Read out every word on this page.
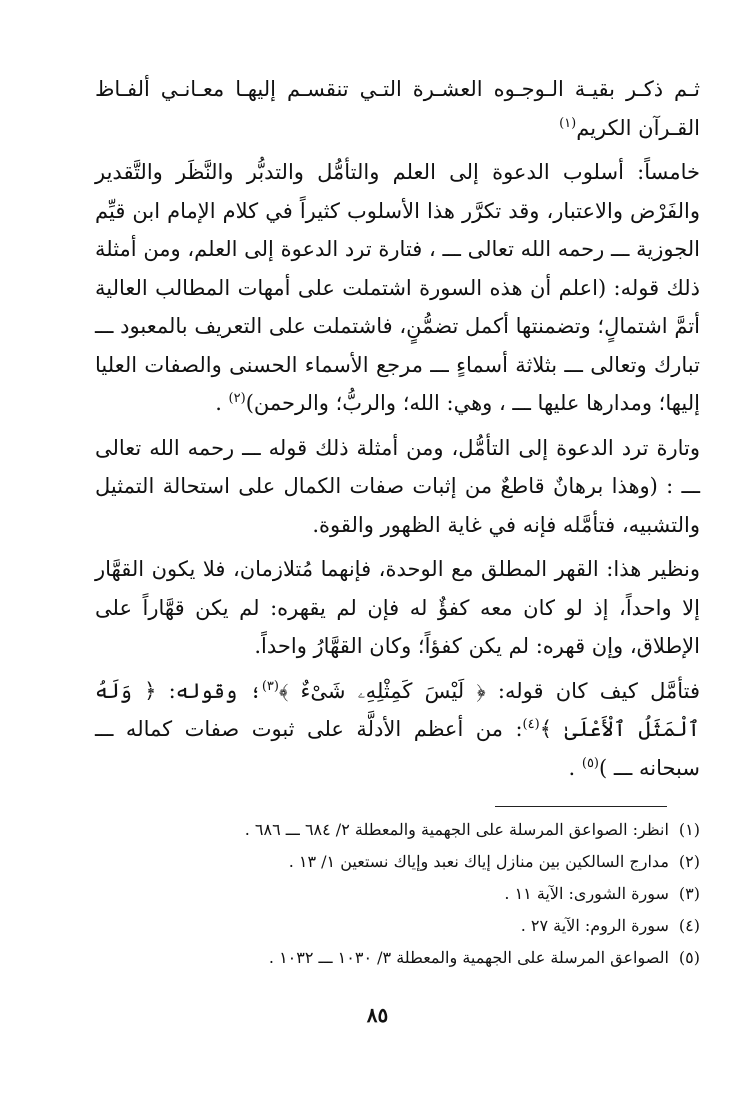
ثـم ذكـر بقيـة الـوجـوه العشـرة التـي تنقسـم إليهـا معـانـي ألفـاظ القـرآن الكريم$^{(١)}$

خامساً: أسلوب الدعوة إلى العلم والتأمُّل والتدبُّر والنَّظَر والتَّقدير والفَرْض والاعتبار، وقد تكرَّر هذا الأسلوب كثيراً في كلام الإمام ابن قيِّم الجوزية ـــ رحمه الله تعالى ـــ ، فتارة ترد الدعوة إلى العلم، ومن أمثلة ذلك قوله: (اعلم أن هذه السورة اشتملت على أمهات المطالب العالية أتمَّ اشتمالٍ؛ وتضمنتها أكمل تضمُّنٍ، فاشتملت على التعريف بالمعبود ـــ تبارك وتعالى ـــ بثلاثة أسماءٍ ـــ مرجع الأسماء الحسنى والصفات العليا إليها؛ ومدارها عليها ـــ ، وهي: الله؛ والربُّ؛ والرحمن)$^{(٢)}$ .

وتارة ترد الدعوة إلى التأمُّل، ومن أمثلة ذلك قوله ـــ رحمه الله تعالى ـــ : (وهذا برهانٌ قاطعٌ من إثبات صفات الكمال على استحالة التمثيل والتشبيه، فتأمَّله فإنه في غاية الظهور والقوة.

ونظير هذا: القهر المطلق مع الوحدة، فإنهما مُتلازمان، فلا يكون القهَّار إلا واحداً، إذ لو كان معه كفؤٌ له فإن لم يقهره: لم يكن قهَّاراً على الإطلاق، وإن قهره: لم يكن كفؤاً؛ وكان القهَّارُ واحداً.

فتأمَّل كيف كان قوله: ﴿ لَيْسَ كَمِثْلِهِۦ شَىْءٌ ﴾$^{(٣)}$؛ وقوله: ﴿ وَلَهُ ٱلْمَثَلُ ٱلْأَعْلَىٰ ﴾$^{(٤)}$: من أعظم الأدلَّة على ثبوت صفات كماله ـــ سبحانه ـــ )$^{(٥)}$ .

(١)انظر: الصواعق المرسلة على الجهمية والمعطلة ٢/ ٦٨٤ ـــ ٦٨٦ .

(٢)مدارج السالكين بين منازل إياك نعبد وإياك نستعين ١/ ١٣ .

(٣)سورة الشورى: الآية ١١ .

(٤)سورة الروم: الآية ٢٧ .

(٥)الصواعق المرسلة على الجهمية والمعطلة ٣/ ١٠٣٠ ـــ ١٠٣٢ .

٨٥
